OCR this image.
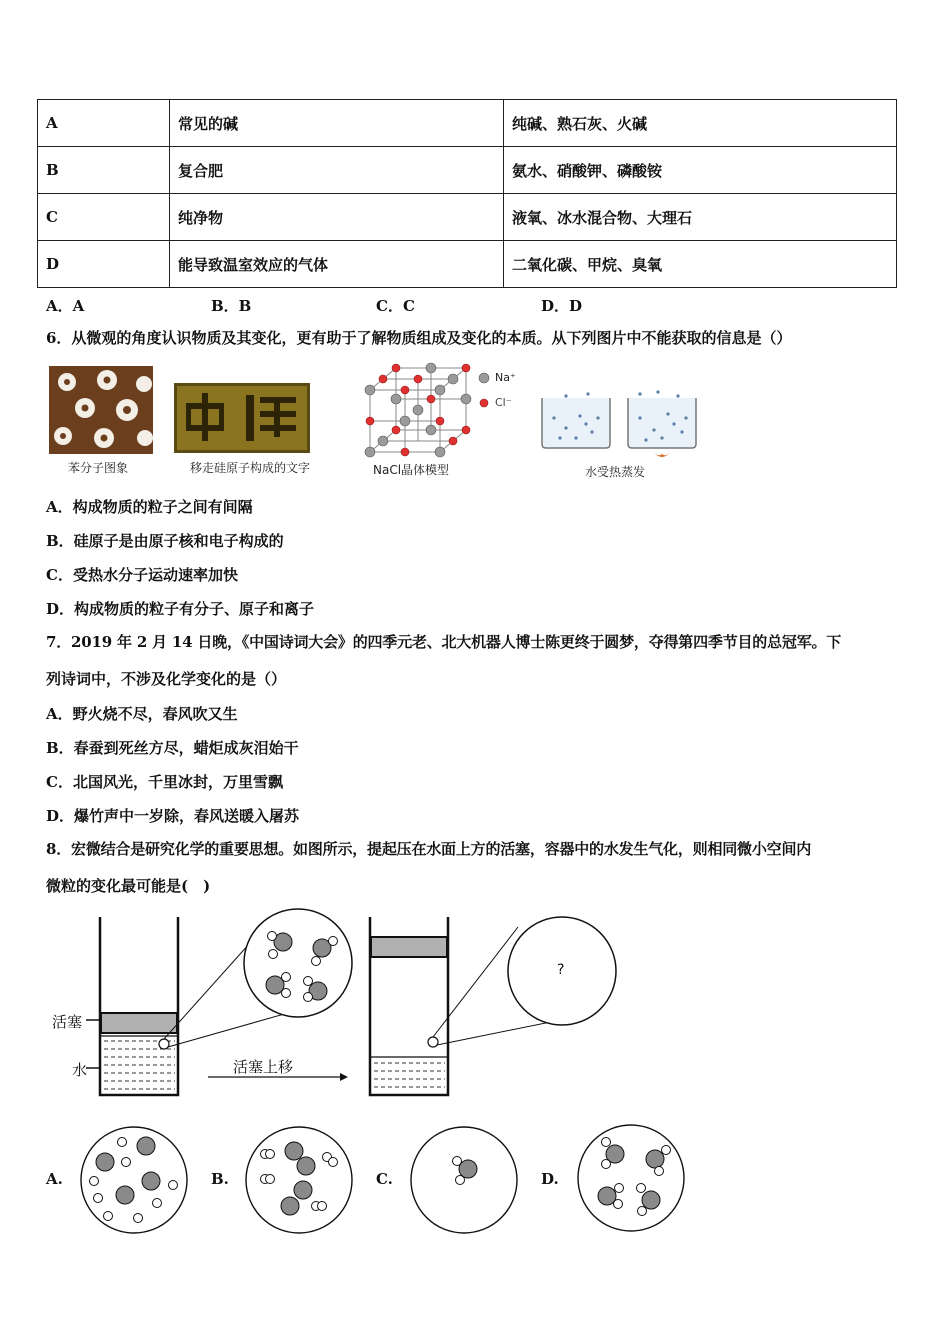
A	常见的碱	纯碱、熟石灰、火碱
B	复合肥	氨水、硝酸钾、磷酸铵
C	纯净物	液氧、冰水混合物、大理石
D	能导致温室效应的气体	二氧化碳、甲烷、臭氧
A．A	B．B	C．C	D．D
6．从微观的角度认识物质及其变化，更有助于了解物质组成及变化的本质。从下列图片中不能获取的信息是（）
苯分子图象	移走硅原子构成的文字
Na⁺
Cl⁻
NaCl晶体模型	水受热蒸发
A．构成物质的粒子之间有间隔
B．硅原子是由原子核和电子构成的
C．受热水分子运动速率加快
D．构成物质的粒子有分子、原子和离子
7．2019 年 2 月 14 日晚，《中国诗词大会》的四季元老、北大机器人博士陈更终于圆梦，夺得第四季节目的总冠军。下
列诗词中，不涉及化学变化的是（）
A．野火烧不尽，春风吹又生
B．春蚕到死丝方尽，蜡炬成灰泪始干
C．北国风光，千里冰封，万里雪飘
D．爆竹声中一岁除，春风送暖入屠苏
8．宏微结合是研究化学的重要思想。如图所示，提起压在水面上方的活塞，容器中的水发生气化，则相同微小空间内
微粒的变化最可能是(　)
活塞
水	活塞上移
?
A.	B.	C.	D.
